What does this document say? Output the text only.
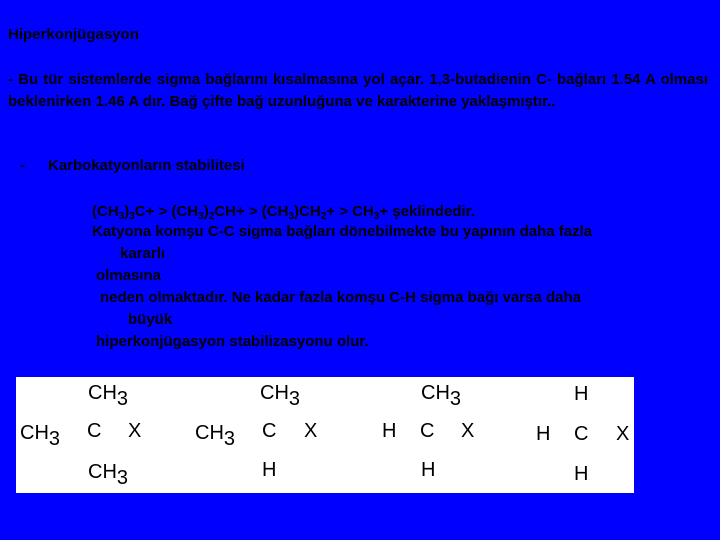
Hiperkonjügasyon
- Bu tür sistemlerde sigma bağlarını kısalmasına yol açar. 1,3-butadienin C- bağları 1.54 A olması beklenirken 1.46 A dır. Bağ çifte bağ uzunluğuna ve karakterine yaklaşmıştır..
- Karbokatyonların stabilitesi
$(CH_3)_3C+ > (CH_3)_2CH+ > (CH_3)CH_2+ > CH_3+$ şeklindedir.
Katyona komşu C-C sigma bağları dönebilmekte bu yapının daha fazla
kararlı
olmasına
neden olmaktadır. Ne kadar fazla komşu C-H sigma bağı varsa daha
büyük
hiperkonjügasyon stabilizasyonu olur.
CH3
CH3 C X
CH3
CH3
CH3 C X
H
CH3
H C X
H
H
H C X
H
